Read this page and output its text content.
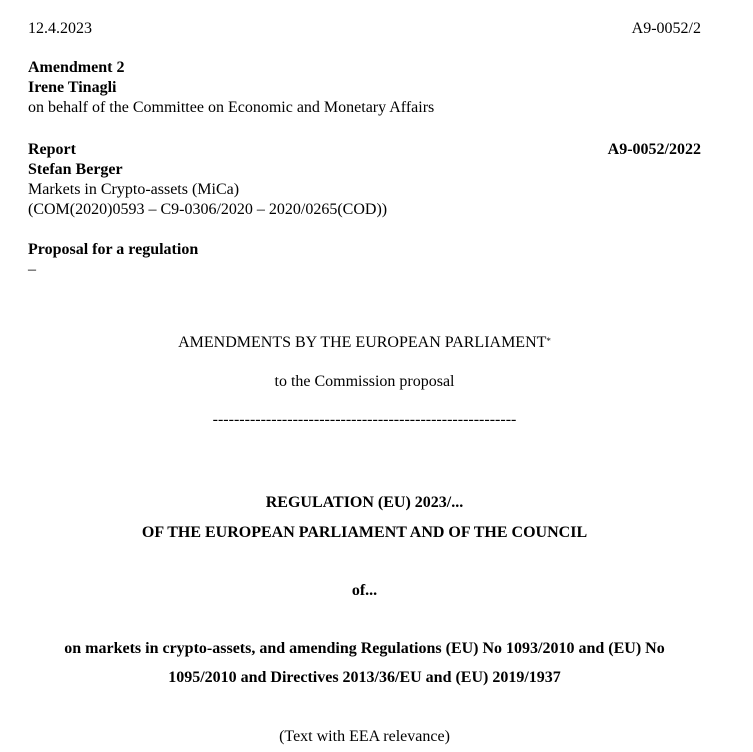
12.4.2023	A9-0052/2
Amendment 2
Irene Tinagli
on behalf of the Committee on Economic and Monetary Affairs
Report	A9-0052/2022
Stefan Berger
Markets in Crypto-assets (MiCa)
(COM(2020)0593 – C9-0306/2020 – 2020/0265(COD))
Proposal for a regulation
–
AMENDMENTS BY THE EUROPEAN PARLIAMENT*
to the Commission proposal
---------------------------------------------------------
REGULATION (EU) 2023/...
OF THE EUROPEAN PARLIAMENT AND OF THE COUNCIL
of...
on markets in crypto-assets, and amending Regulations (EU) No 1093/2010 and (EU) No
1095/2010 and Directives 2013/36/EU and (EU) 2019/1937
(Text with EEA relevance)
